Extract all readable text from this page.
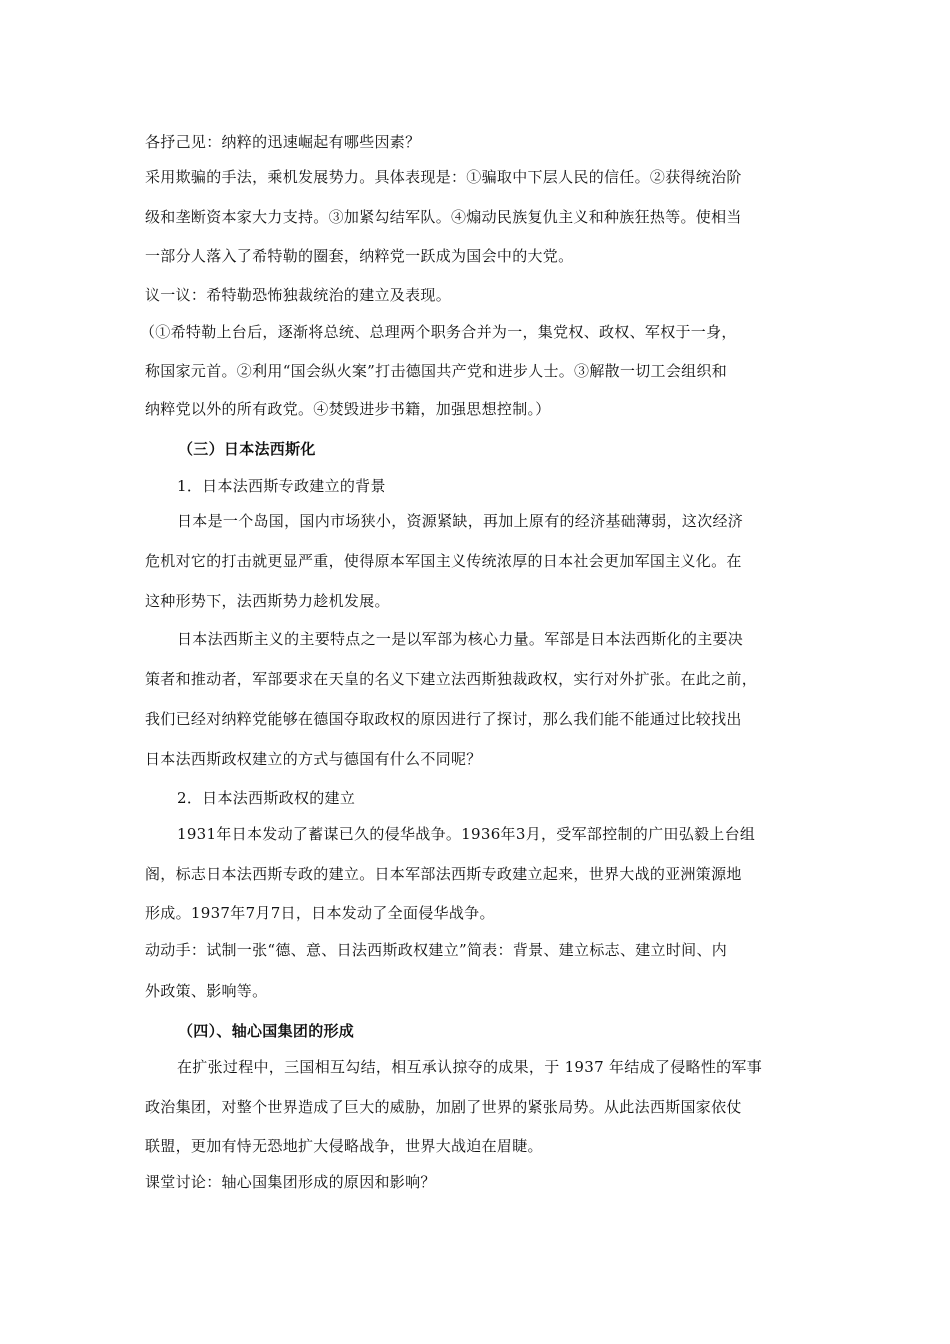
各抒己见：纳粹的迅速崛起有哪些因素？
采用欺骗的手法，乘机发展势力。具体表现是：①骗取中下层人民的信任。②获得统治阶
级和垄断资本家大力支持。③加紧勾结军队。④煽动民族复仇主义和种族狂热等。使相当
一部分人落入了希特勒的圈套，纳粹党一跃成为国会中的大党。
议一议：希特勒恐怖独裁统治的建立及表现。
（①希特勒上台后，逐渐将总统、总理两个职务合并为一，集党权、政权、军权于一身，
称国家元首。②利用“国会纵火案”打击德国共产党和进步人士。③解散一切工会组织和
纳粹党以外的所有政党。④焚毁进步书籍，加强思想控制。）
（三）日本法西斯化
1．日本法西斯专政建立的背景
日本是一个岛国，国内市场狭小，资源紧缺，再加上原有的经济基础薄弱，这次经济
危机对它的打击就更显严重，使得原本军国主义传统浓厚的日本社会更加军国主义化。在
这种形势下，法西斯势力趁机发展。
日本法西斯主义的主要特点之一是以军部为核心力量。军部是日本法西斯化的主要决
策者和推动者，军部要求在天皇的名义下建立法西斯独裁政权，实行对外扩张。在此之前，
我们已经对纳粹党能够在德国夺取政权的原因进行了探讨，那么我们能不能通过比较找出
日本法西斯政权建立的方式与德国有什么不同呢？
2．日本法西斯政权的建立
1931年日本发动了蓄谋已久的侵华战争。1936年3月，受军部控制的广田弘毅上台组
阁，标志日本法西斯专政的建立。日本军部法西斯专政建立起来，世界大战的亚洲策源地
形成。1937年7月7日，日本发动了全面侵华战争。
动动手：试制一张“德、意、日法西斯政权建立”简表：背景、建立标志、建立时间、内
外政策、影响等。
（四）、轴心国集团的形成
在扩张过程中，三国相互勾结，相互承认掠夺的成果，于 1937 年结成了侵略性的军事
政治集团，对整个世界造成了巨大的威胁，加剧了世界的紧张局势。从此法西斯国家依仗
联盟，更加有恃无恐地扩大侵略战争，世界大战迫在眉睫。
课堂讨论：轴心国集团形成的原因和影响？
